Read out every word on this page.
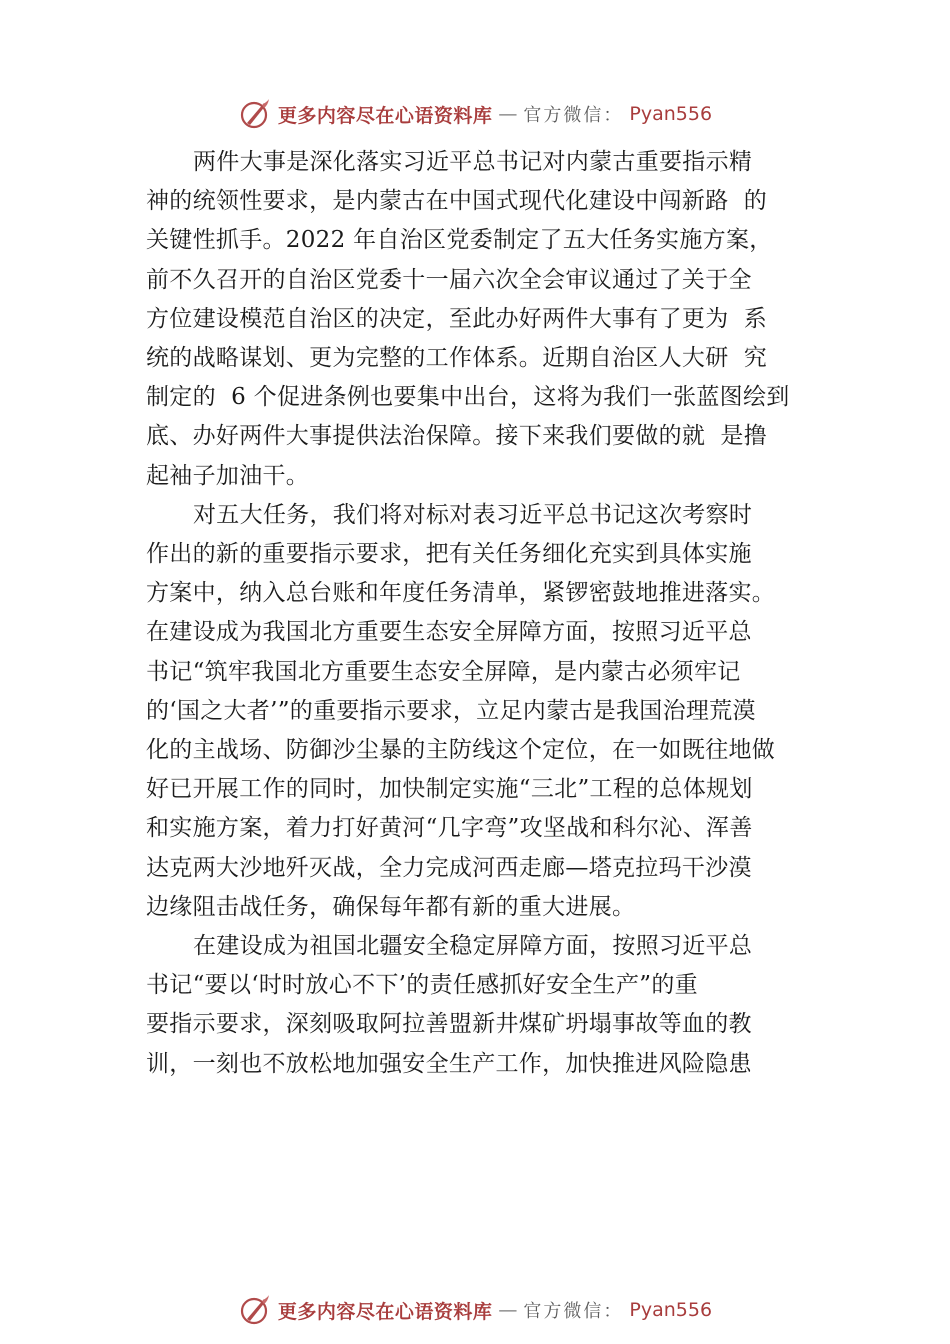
更多内容尽在心语资料库 — 官方微信： Pyan556
两件大事是深化落实习近平总书记对内蒙古重要指示精
神的统领性要求，是内蒙古在中国式现代化建设中闯新路  的
关键性抓手。2022 年自治区党委制定了五大任务实施方案，
前不久召开的自治区党委十一届六次全会审议通过了关于全
方位建设模范自治区的决定，至此办好两件大事有了更为  系
统的战略谋划、更为完整的工作体系。近期自治区人大研  究
制定的  6 个促进条例也要集中出台，这将为我们一张蓝图绘到
底、办好两件大事提供法治保障。接下来我们要做的就  是撸
起袖子加油干。
对五大任务，我们将对标对表习近平总书记这次考察时
作出的新的重要指示要求，把有关任务细化充实到具体实施
方案中，纳入总台账和年度任务清单，紧锣密鼓地推进落实。
在建设成为我国北方重要生态安全屏障方面，按照习近平总
书记“筑牢我国北方重要生态安全屏障，是内蒙古必须牢记
的‘国之大者’”的重要指示要求，立足内蒙古是我国治理荒漠
化的主战场、防御沙尘暴的主防线这个定位，在一如既往地做
好已开展工作的同时，加快制定实施“三北”工程的总体规划
和实施方案，着力打好黄河“几字弯”攻坚战和科尔沁、浑善
达克两大沙地歼灭战，全力完成河西走廊—塔克拉玛干沙漠
边缘阻击战任务，确保每年都有新的重大进展。
在建设成为祖国北疆安全稳定屏障方面，按照习近平总
书记“要以‘时时放心不下’的责任感抓好安全生产”的重
要指示要求，深刻吸取阿拉善盟新井煤矿坍塌事故等血的教
训，一刻也不放松地加强安全生产工作，加快推进风险隐患
更多内容尽在心语资料库 — 官方微信： Pyan556
